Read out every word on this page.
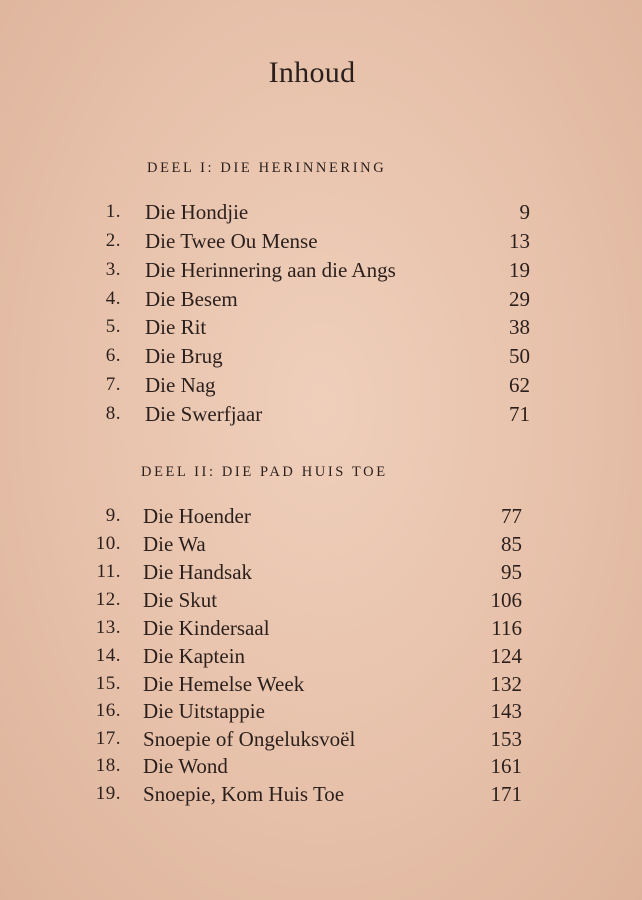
Inhoud
DEEL I: DIE HERINNERING
1. Die Hondjie	9
2. Die Twee Ou Mense	13
3. Die Herinnering aan die Angs	19
4. Die Besem	29
5. Die Rit	38
6. Die Brug	50
7. Die Nag	62
8. Die Swerfjaar	71
DEEL II: DIE PAD HUIS TOE
9. Die Hoender	77
10. Die Wa	85
11. Die Handsak	95
12. Die Skut	106
13. Die Kindersaal	116
14. Die Kaptein	124
15. Die Hemelse Week	132
16. Die Uitstappie	143
17. Snoepie of Ongeluksvoël	153
18. Die Wond	161
19. Snoepie, Kom Huis Toe	171
